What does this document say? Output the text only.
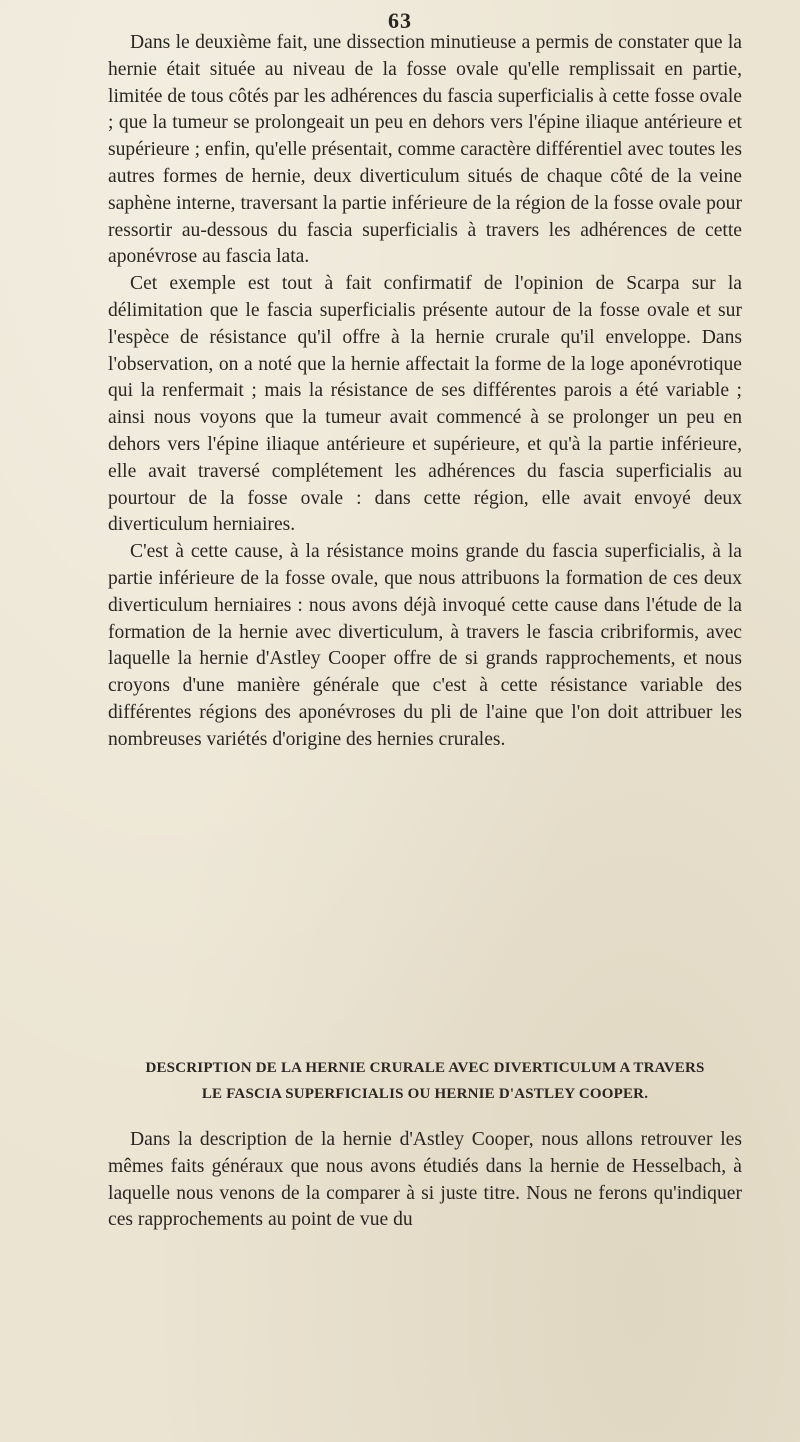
63

Dans le deuxième fait, une dissection minutieuse a permis de constater que la hernie était située au niveau de la fosse ovale qu'elle remplissait en partie, limitée de tous côtés par les adhérences du fascia superficialis à cette fosse ovale ; que la tumeur se prolongeait un peu en dehors vers l'épine iliaque antérieure et supérieure ; enfin, qu'elle présentait, comme caractère différentiel avec toutes les autres formes de hernie, deux diverticulum situés de chaque côté de la veine saphène interne, traversant la partie inférieure de la région de la fosse ovale pour ressortir au-dessous du fascia superficialis à travers les adhérences de cette aponévrose au fascia lata.

Cet exemple est tout à fait confirmatif de l'opinion de Scarpa sur la délimitation que le fascia superficialis présente autour de la fosse ovale et sur l'espèce de résistance qu'il offre à la hernie crurale qu'il enveloppe. Dans l'observation, on a noté que la hernie affectait la forme de la loge aponévrotique qui la renfermait ; mais la résistance de ses différentes parois a été variable ; ainsi nous voyons que la tumeur avait commencé à se prolonger un peu en dehors vers l'épine iliaque antérieure et supérieure, et qu'à la partie inférieure, elle avait traversé complétement les adhérences du fascia superficialis au pourtour de la fosse ovale : dans cette région, elle avait envoyé deux diverticulum herniaires.

C'est à cette cause, à la résistance moins grande du fascia superficialis, à la partie inférieure de la fosse ovale, que nous attribuons la formation de ces deux diverticulum herniaires : nous avons déjà invoqué cette cause dans l'étude de la formation de la hernie avec diverticulum, à travers le fascia cribriformis, avec laquelle la hernie d'Astley Cooper offre de si grands rapprochements, et nous croyons d'une manière générale que c'est à cette résistance variable des différentes régions des aponévroses du pli de l'aine que l'on doit attribuer les nombreuses variétés d'origine des hernies crurales.

DESCRIPTION DE LA HERNIE CRURALE AVEC DIVERTICULUM A TRAVERS
LE FASCIA SUPERFICIALIS OU HERNIE D'ASTLEY COOPER.

Dans la description de la hernie d'Astley Cooper, nous allons retrouver les mêmes faits généraux que nous avons étudiés dans la hernie de Hesselbach, à laquelle nous venons de la comparer à si juste titre. Nous ne ferons qu'indiquer ces rapprochements au point de vue du
